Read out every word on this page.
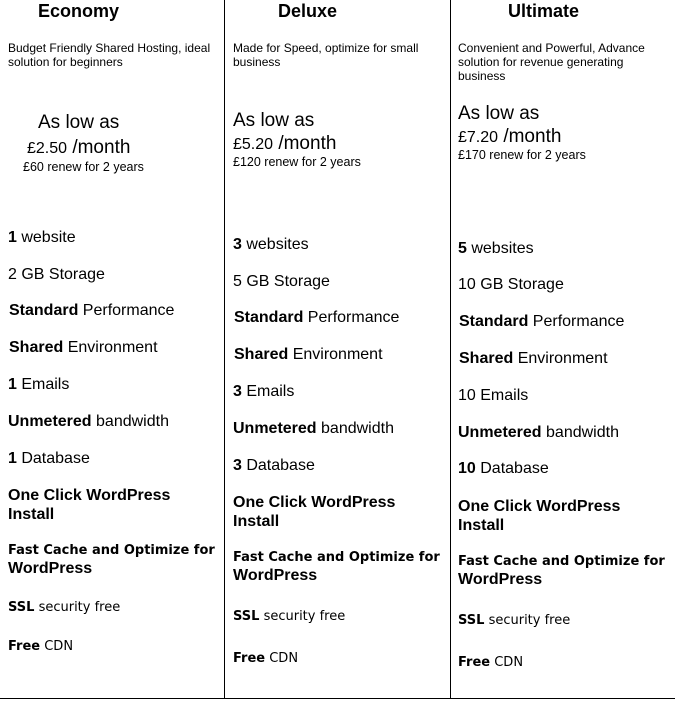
Economy
Budget Friendly Shared Hosting, ideal solution for beginners
As low as
£2.50 /month
£60 renew for 2 years
1 website
2 GB Storage
Standard Performance
Shared Environment
1 Emails
Unmetered bandwidth
1 Database
One Click WordPress Install
Fast Cache and Optimize for
WordPress
SSL security free
Free CDN
Deluxe
Made for Speed, optimize for small business
As low as
£5.20 /month
£120 renew for 2 years
3 websites
5 GB Storage
Standard Performance
Shared Environment
3 Emails
Unmetered bandwidth
3 Database
One Click WordPress Install
Fast Cache and Optimize for
WordPress
SSL security free
Free CDN
Ultimate
Convenient and Powerful, Advance solution for revenue generating business
As low as
£7.20 /month
£170 renew for 2 years
5 websites
10 GB Storage
Standard Performance
Shared Environment
10 Emails
Unmetered bandwidth
10 Database
One Click WordPress Install
Fast Cache and Optimize for
WordPress
SSL security free
Free CDN
